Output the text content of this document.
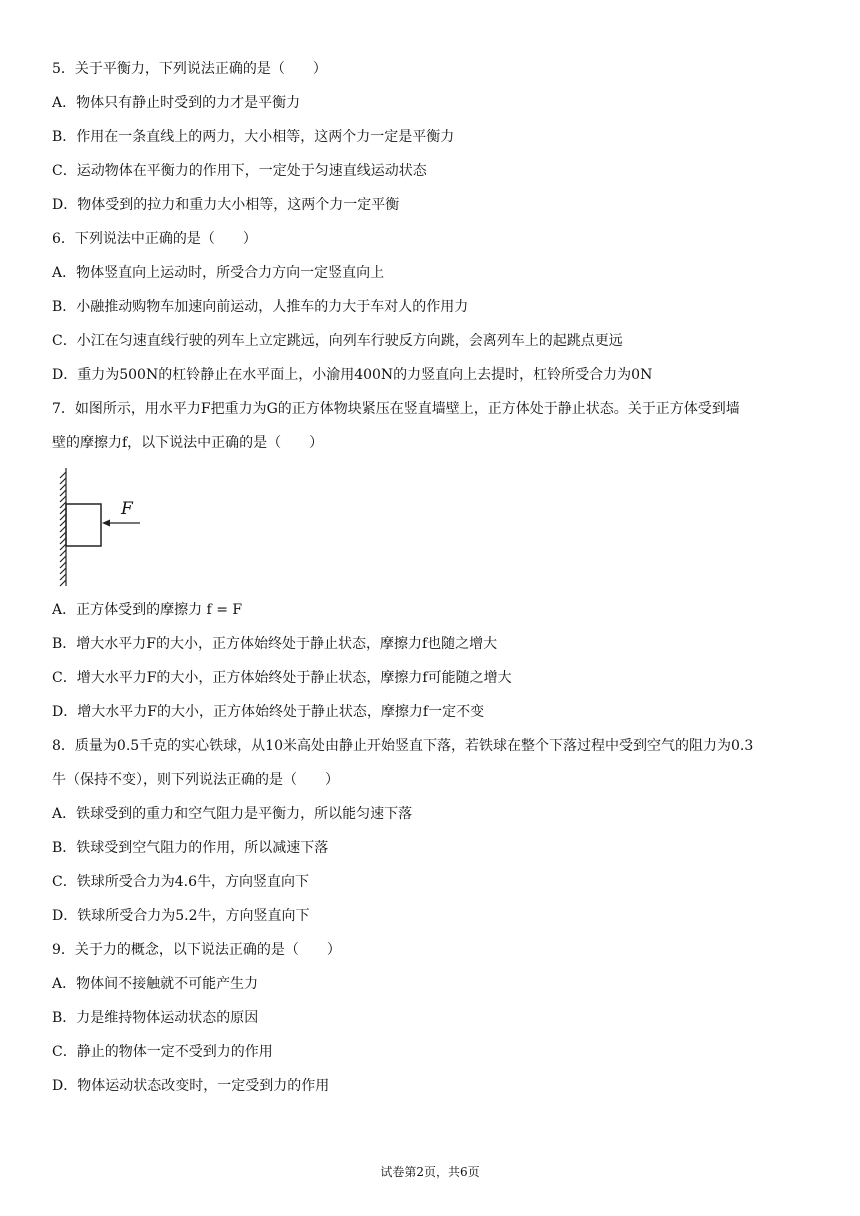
5．关于平衡力，下列说法正确的是（　　）
A．物体只有静止时受到的力才是平衡力
B．作用在一条直线上的两力，大小相等，这两个力一定是平衡力
C．运动物体在平衡力的作用下，一定处于匀速直线运动状态
D．物体受到的拉力和重力大小相等，这两个力一定平衡
6．下列说法中正确的是（　　）
A．物体竖直向上运动时，所受合力方向一定竖直向上
B．小融推动购物车加速向前运动，人推车的力大于车对人的作用力
C．小江在匀速直线行驶的列车上立定跳远，向列车行驶反方向跳，会离列车上的起跳点更远
D．重力为500N的杠铃静止在水平面上，小渝用400N的力竖直向上去提时，杠铃所受合力为0N
7．如图所示，用水平力F把重力为G的正方体物块紧压在竖直墙壁上，正方体处于静止状态。关于正方体受到墙
壁的摩擦力f，以下说法中正确的是（　　）
F
A．正方体受到的摩擦力 f = F
B．增大水平力F的大小，正方体始终处于静止状态，摩擦力f也随之增大
C．增大水平力F的大小，正方体始终处于静止状态，摩擦力f可能随之增大
D．增大水平力F的大小，正方体始终处于静止状态，摩擦力f一定不变
8．质量为0.5千克的实心铁球，从10米高处由静止开始竖直下落，若铁球在整个下落过程中受到空气的阻力为0.3
牛（保持不变），则下列说法正确的是（　　）
A．铁球受到的重力和空气阻力是平衡力，所以能匀速下落
B．铁球受到空气阻力的作用，所以减速下落
C．铁球所受合力为4.6牛，方向竖直向下
D．铁球所受合力为5.2牛，方向竖直向下
9．关于力的概念，以下说法正确的是（　　）
A．物体间不接触就不可能产生力
B．力是维持物体运动状态的原因
C．静止的物体一定不受到力的作用
D．物体运动状态改变时，一定受到力的作用
试卷第2页，共6页
